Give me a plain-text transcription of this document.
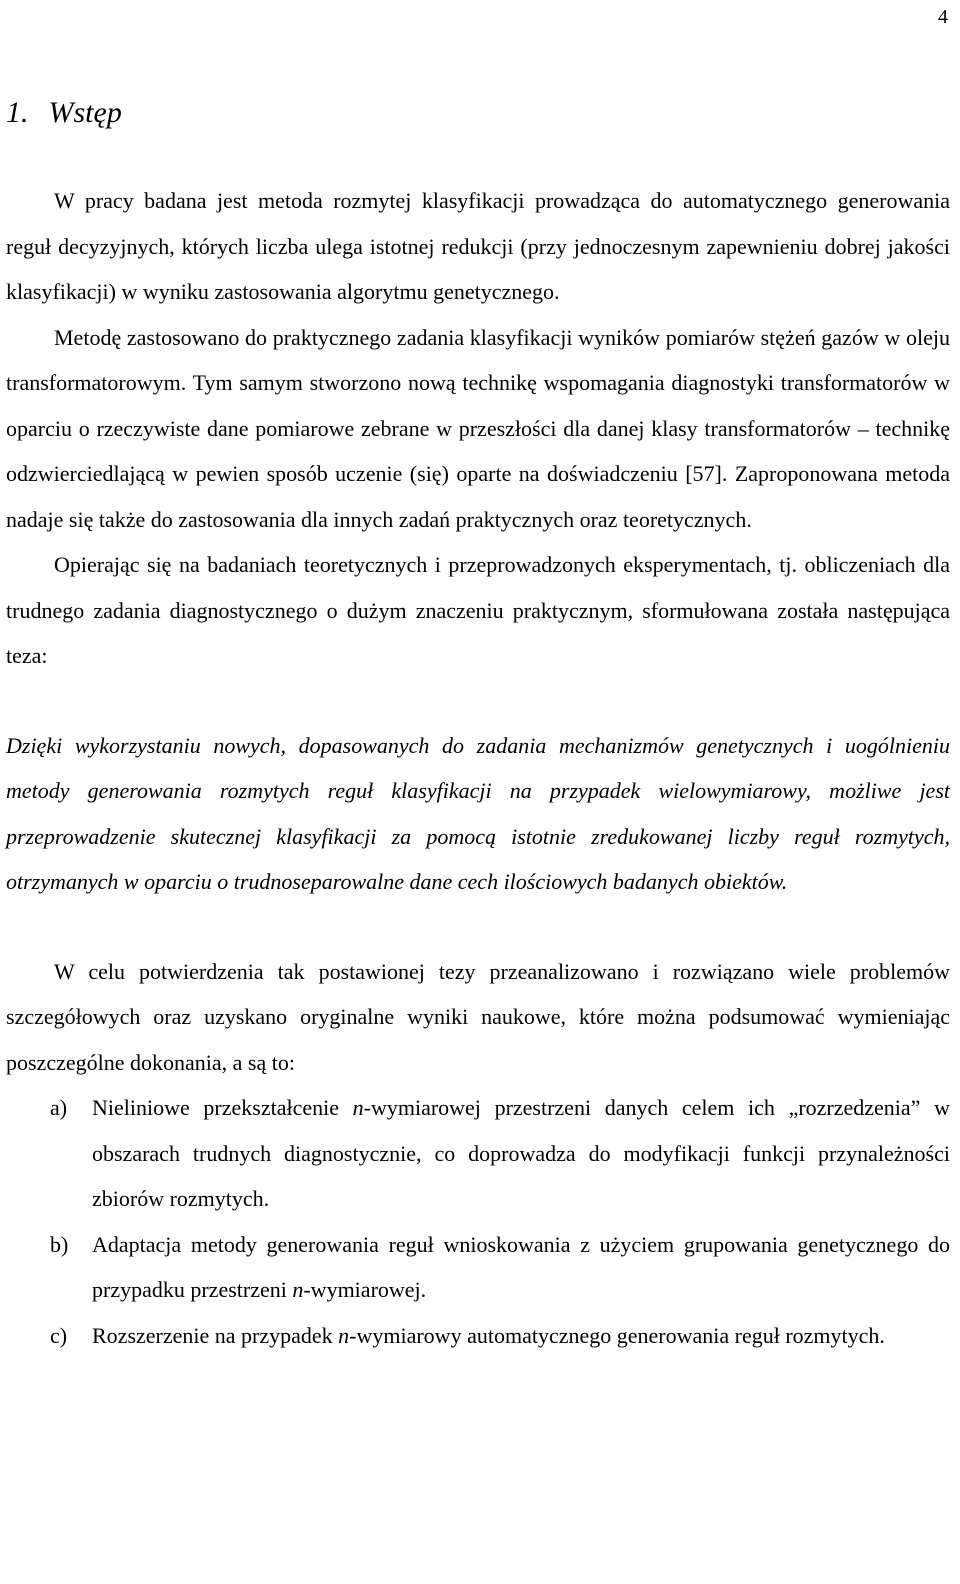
4
1. Wstęp

W pracy badana jest metoda rozmytej klasyfikacji prowadząca do automatycznego generowania reguł decyzyjnych, których liczba ulega istotnej redukcji (przy jednoczesnym zapewnieniu dobrej jakości klasyfikacji) w wyniku zastosowania algorytmu genetycznego.

Metodę zastosowano do praktycznego zadania klasyfikacji wyników pomiarów stężeń gazów w oleju transformatorowym. Tym samym stworzono nową technikę wspomagania diagnostyki transformatorów w oparciu o rzeczywiste dane pomiarowe zebrane w przeszłości dla danej klasy transformatorów – technikę odzwierciedlającą w pewien sposób uczenie (się) oparte na doświadczeniu [57]. Zaproponowana metoda nadaje się także do zastosowania dla innych zadań praktycznych oraz teoretycznych.

Opierając się na badaniach teoretycznych i przeprowadzonych eksperymentach, tj. obliczeniach dla trudnego zadania diagnostycznego o dużym znaczeniu praktycznym, sformułowana została następująca teza:

Dzięki wykorzystaniu nowych, dopasowanych do zadania mechanizmów genetycznych i uogólnieniu metody generowania rozmytych reguł klasyfikacji na przypadek wielowymiarowy, możliwe jest przeprowadzenie skutecznej klasyfikacji za pomocą istotnie zredukowanej liczby reguł rozmytych, otrzymanych w oparciu o trudnoseparowalne dane cech ilościowych badanych obiektów.

W celu potwierdzenia tak postawionej tezy przeanalizowano i rozwiązano wiele problemów szczegółowych oraz uzyskano oryginalne wyniki naukowe, które można podsumować wymieniając poszczególne dokonania, a są to:

a) Nieliniowe przekształcenie n-wymiarowej przestrzeni danych celem ich „rozrzedzenia” w obszarach trudnych diagnostycznie, co doprowadza do modyfikacji funkcji przynależności zbiorów rozmytych.
b) Adaptacja metody generowania reguł wnioskowania z użyciem grupowania genetycznego do przypadku przestrzeni n-wymiarowej.
c) Rozszerzenie na przypadek n-wymiarowy automatycznego generowania reguł rozmytych.
